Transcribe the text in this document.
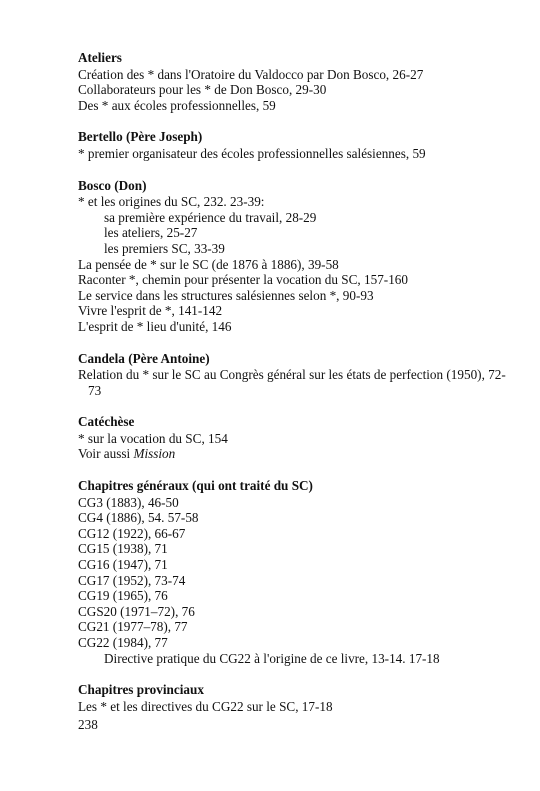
Ateliers
Création des * dans l'Oratoire du Valdocco par Don Bosco, 26-27
Collaborateurs pour les * de Don Bosco, 29-30
Des * aux écoles professionnelles, 59
Bertello (Père Joseph)
* premier organisateur des écoles professionnelles salésiennes, 59
Bosco (Don)
* et les origines du SC, 232. 23-39:
sa première expérience du travail, 28-29
les ateliers, 25-27
les premiers SC, 33-39
La pensée de * sur le SC (de 1876 à 1886), 39-58
Raconter *, chemin pour présenter la vocation du SC, 157-160
Le service dans les structures salésiennes selon *, 90-93
Vivre l'esprit de *, 141-142
L'esprit de * lieu d'unité, 146
Candela (Père Antoine)
Relation du * sur le SC au Congrès général sur les états de perfection (1950), 72-73
Catéchèse
* sur la vocation du SC, 154
Voir aussi Mission
Chapitres généraux (qui ont traité du SC)
CG3 (1883), 46-50
CG4 (1886), 54. 57-58
CG12 (1922), 66-67
CG15 (1938), 71
CG16 (1947), 71
CG17 (1952), 73-74
CG19 (1965), 76
CGS20 (1971–72), 76
CG21 (1977–78), 77
CG22 (1984), 77
Directive pratique du CG22 à l'origine de ce livre, 13-14. 17-18
Chapitres provinciaux
Les * et les directives du CG22 sur le SC, 17-18
238
